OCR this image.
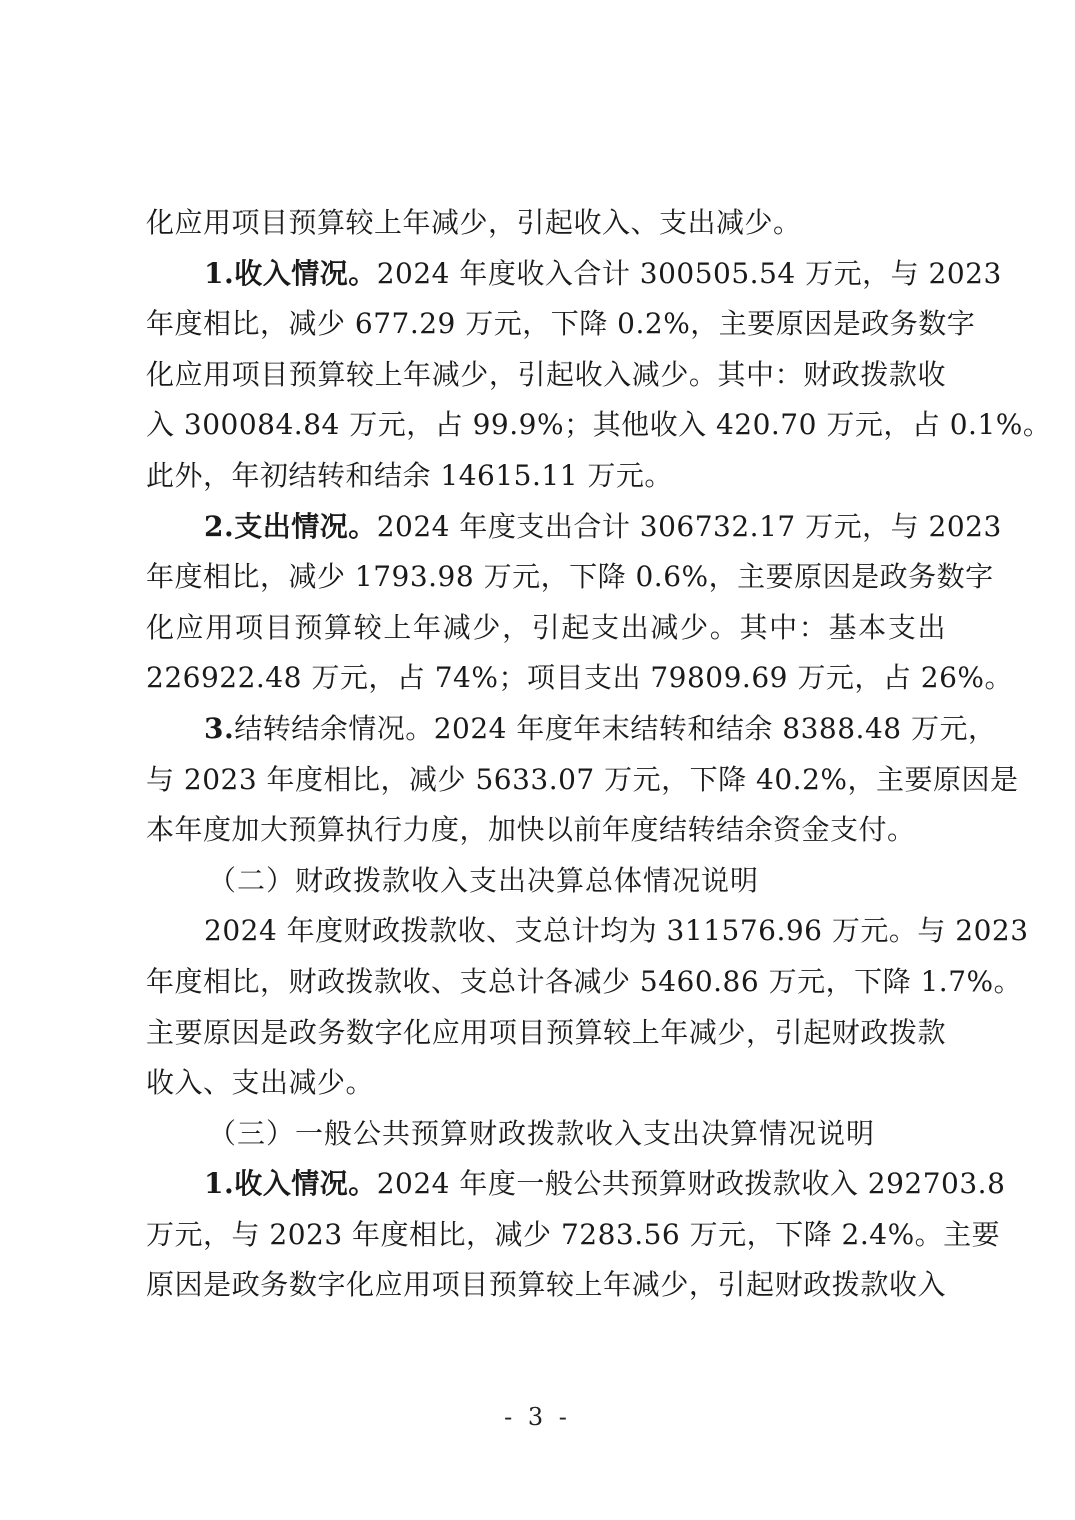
化应用项目预算较上年减少，引起收入、支出减少。
1.收入情况。2024 年度收入合计 300505.54 万元，与 2023
年度相比，减少 677.29 万元，下降 0.2%，主要原因是政务数字
化应用项目预算较上年减少，引起收入减少。其中：财政拨款收
入 300084.84 万元，占 99.9%；其他收入 420.70 万元，占 0.1%。
此外，年初结转和结余 14615.11 万元。
2.支出情况。2024 年度支出合计 306732.17 万元，与 2023
年度相比，减少 1793.98 万元，下降 0.6%，主要原因是政务数字
化应用项目预算较上年减少，引起支出减少。其中：基本支出
226922.48 万元，占 74%；项目支出 79809.69 万元，占 26%。
3.结转结余情况。2024 年度年末结转和结余 8388.48 万元，
与 2023 年度相比，减少 5633.07 万元，下降 40.2%，主要原因是
本年度加大预算执行力度，加快以前年度结转结余资金支付。
（二）财政拨款收入支出决算总体情况说明
2024 年度财政拨款收、支总计均为 311576.96 万元。与 2023
年度相比，财政拨款收、支总计各减少 5460.86 万元，下降 1.7%。
主要原因是政务数字化应用项目预算较上年减少，引起财政拨款
收入、支出减少。
（三）一般公共预算财政拨款收入支出决算情况说明
1.收入情况。2024 年度一般公共预算财政拨款收入 292703.8
万元，与 2023 年度相比，减少 7283.56 万元，下降 2.4%。主要
原因是政务数字化应用项目预算较上年减少，引起财政拨款收入
- 3 -
